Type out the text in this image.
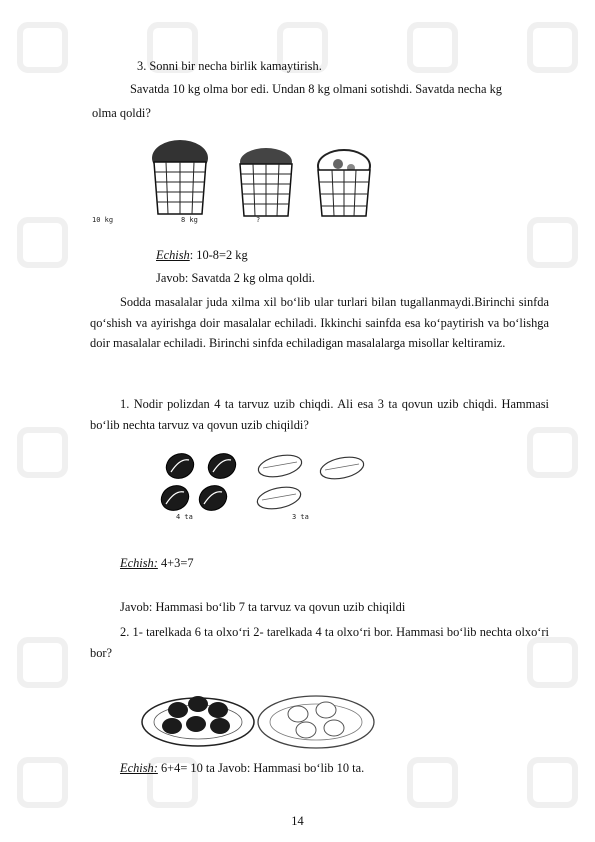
3. Sonni bir necha birlik kamaytirish.
Savatda 10 kg olma bor edi. Undan 8 kg olmani sotishdi. Savatda necha kg
olma qoldi?
10 kg	8 kg	?
Echish: 10-8=2 kg
Javob: Savatda 2 kg olma qoldi.
Sodda masalalar juda xilma xil bo‘lib ular turlari bilan tugallanmaydi.Birinchi sinfda qo‘shish va ayirishga doir masalalar echiladi. Ikkinchi sainfda esa ko‘paytirish va bo‘lishga doir masalalar echiladi. Birinchi sinfda echiladigan masalalarga misollar keltiramiz.
1. Nodir polizdan 4 ta tarvuz uzib chiqdi. Ali esa 3 ta qovun uzib chiqdi. Hammasi bo‘lib nechta tarvuz va qovun uzib chiqildi?
4 ta	3 ta
Echish: 4+3=7
Javob: Hammasi bo‘lib 7 ta tarvuz va qovun uzib chiqildi
2. 1- tarelkada 6 ta olxo‘ri 2- tarelkada 4 ta olxo‘ri bor. Hammasi bo‘lib nechta olxo‘ri bor?
Echish: 6+4= 10 ta Javob: Hammasi bo‘lib 10 ta.
14
